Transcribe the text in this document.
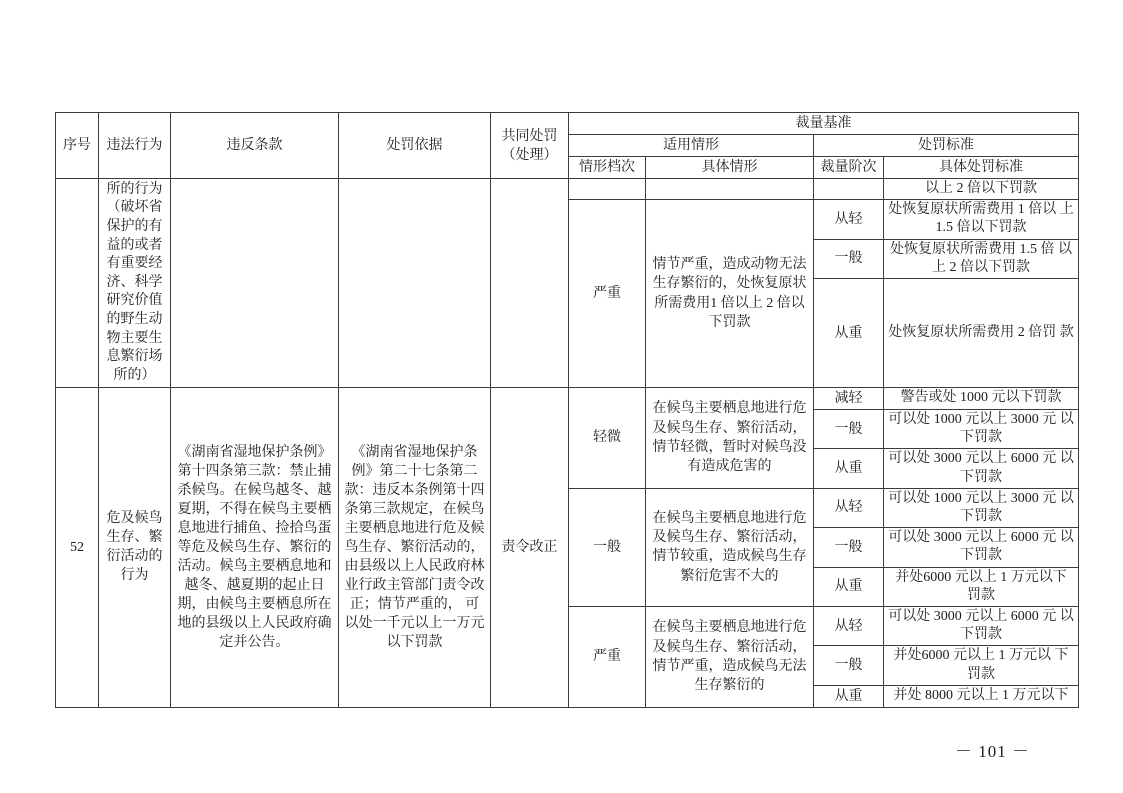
序号	违法行为	违反条款	处罚依据	共同处罚（处理）	裁量基准			
					适用情形		处罚标准	
					情形档次	具体情形	裁量阶次	具体处罚标准
	所的行为（破坏省保护的有益的或者有重要经济、科学研究价值的野生动物主要生息繁衍场所的）							以上 2 倍以下罚款
					严重	情节严重，造成动物无法生存繁衍的，处恢复原状所需费用1 倍以上 2 倍以下罚款	从轻	处恢复原状所需费用 1 倍以 上 1.5 倍以下罚款
							一般	处恢复原状所需费用 1.5 倍 以上 2 倍以下罚款
							从重	处恢复原状所需费用 2 倍罚 款
52	危及候鸟生存、繁衍活动的行为	《湖南省湿地保护条例》第十四条第三款：禁止捕杀候鸟。在候鸟越冬、越夏期，不得在候鸟主要栖息地进行捕鱼、捡拾鸟蛋等危及候鸟生存、繁衍的活动。候鸟主要栖息地和越冬、越夏期的起止日期，由候鸟主要栖息所在地的县级以上人民政府确定并公告。	《湖南省湿地保护条例》第二十七条第二款：违反本条例第十四条第三款规定，在候鸟主要栖息地进行危及候鸟生存、繁衍活动的， 由县级以上人民政府林业行政主管部门责令改正；情节严重的， 可以处一千元以上一万元以下罚款	责令改正	轻微	在候鸟主要栖息地进行危及候鸟生存、繁衍活动，情节轻微，暂时对候鸟没有造成危害的	减轻	警告或处 1000 元以下罚款
							一般	可以处 1000 元以上 3000 元 以下罚款
							从重	可以处 3000 元以上 6000 元 以下罚款
					一般	在候鸟主要栖息地进行危及候鸟生存、繁衍活动，情节较重，造成候鸟生存繁衍危害不大的	从轻	可以处 1000 元以上 3000 元 以下罚款
							一般	可以处 3000 元以上 6000 元 以下罚款
							从重	并处6000 元以上 1 万元以下 罚款
					严重	在候鸟主要栖息地进行危及候鸟生存、繁衍活动，情节严重，造成候鸟无法生存繁衍的	从轻	可以处 3000 元以上 6000 元 以下罚款
							一般	并处6000 元以上 1 万元以 下 罚款
							从重	并处 8000 元以上 1 万元以下
－ 101 －
